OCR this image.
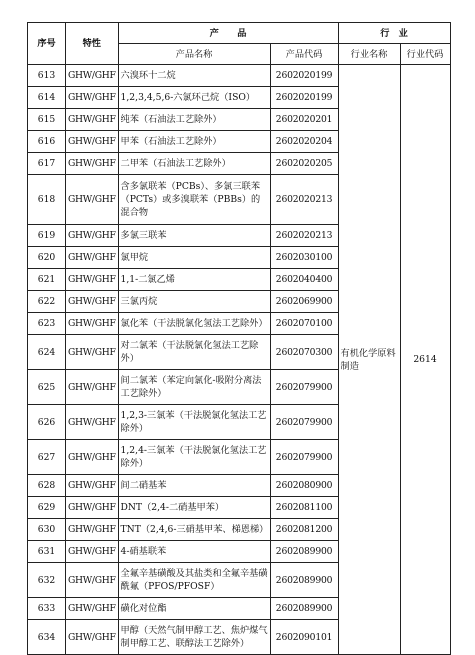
序号	特性	产　　品		行　业	
		产品名称	产品代码	行业名称	行业代码
613	GHW/GHF	六溴环十二烷	2602020199	有机化学原料制造	2614
614	GHW/GHF	1,2,3,4,5,6-六氯环己烷（ISO）	2602020199		
615	GHW/GHF	纯苯（石油法工艺除外）	2602020201		
616	GHW/GHF	甲苯（石油法工艺除外）	2602020204		
617	GHW/GHF	二甲苯（石油法工艺除外）	2602020205		
618	GHW/GHF	含多氯联苯（PCBs）、多氯三联苯（PCTs）或多溴联苯（PBBs）的混合物	2602020213		
619	GHW/GHF	多氯三联苯	2602020213		
620	GHW/GHF	氯甲烷	2602030100		
621	GHW/GHF	1,1-二氯乙烯	2602040400		
622	GHW/GHF	三氯丙烷	2602069900		
623	GHW/GHF	氯化苯（干法脱氯化氢法工艺除外）	2602070100		
624	GHW/GHF	对二氯苯（干法脱氯化氢法工艺除外）	2602070300		
625	GHW/GHF	间二氯苯（苯定向氯化-吸附分离法工艺除外）	2602079900		
626	GHW/GHF	1,2,3-三氯苯（干法脱氯化氢法工艺除外）	2602079900		
627	GHW/GHF	1,2,4-三氯苯（干法脱氯化氢法工艺除外）	2602079900		
628	GHW/GHF	间二硝基苯	2602080900		
629	GHW/GHF	DNT（2,4-二硝基甲苯）	2602081100		
630	GHW/GHF	TNT（2,4,6-三硝基甲苯、梯恩梯）	2602081200		
631	GHW/GHF	4-硝基联苯	2602089900		
632	GHW/GHF	全氟辛基磺酸及其盐类和全氟辛基磺酰氟（PFOS/PFOSF）	2602089900		
633	GHW/GHF	磺化对位酯	2602089900		
634	GHW/GHF	甲醇（天然气制甲醇工艺、焦炉煤气制甲醇工艺、联醇法工艺除外）	2602090101		
